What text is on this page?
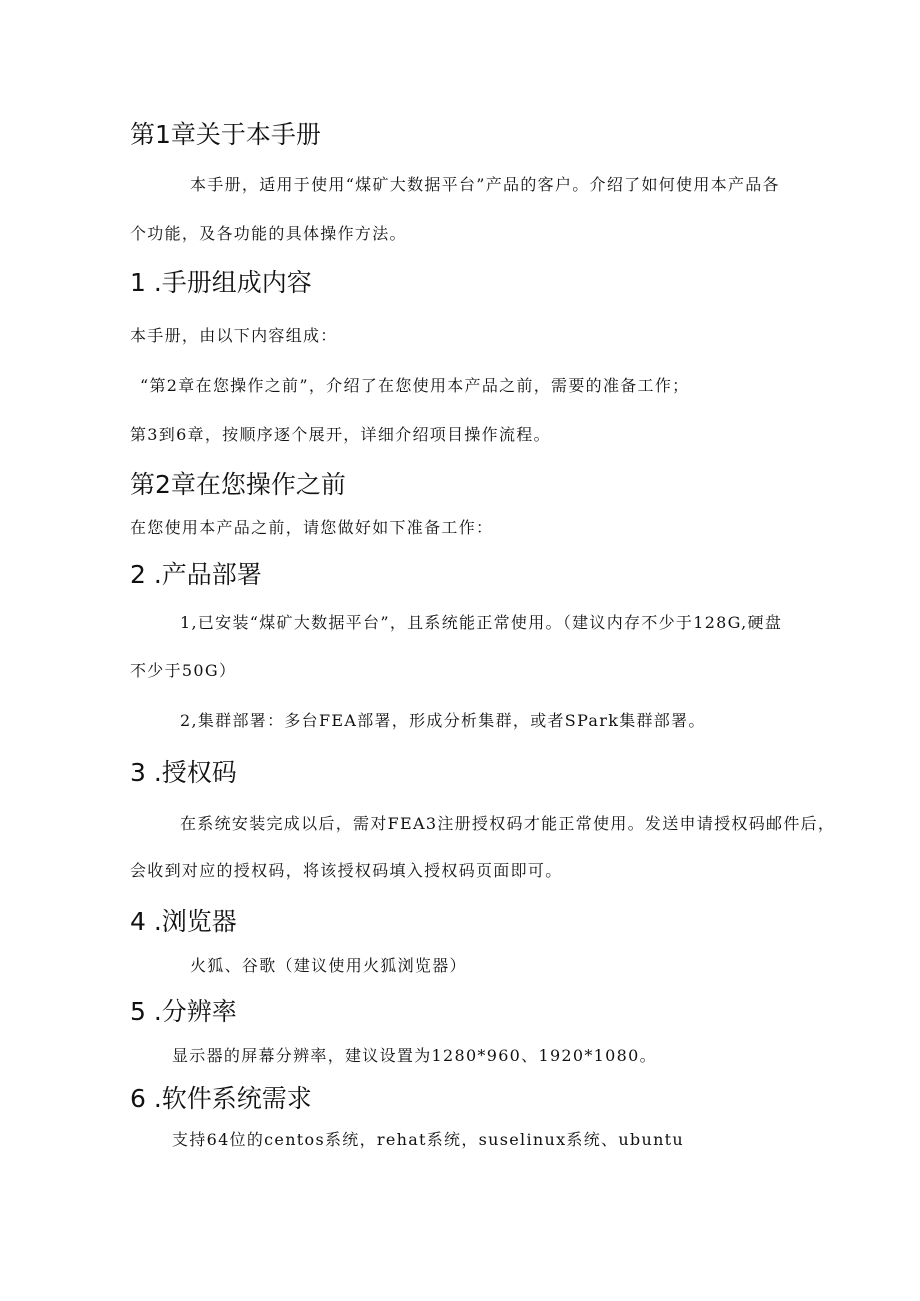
第1章关于本手册
本手册，适用于使用“煤矿大数据平台”产品的客户。介绍了如何使用本产品各
个功能，及各功能的具体操作方法。
1 .手册组成内容
本手册，由以下内容组成：
“第2章在您操作之前”，介绍了在您使用本产品之前，需要的准备工作；
第3到6章，按顺序逐个展开，详细介绍项目操作流程。
第2章在您操作之前
在您使用本产品之前，请您做好如下准备工作：
2 .产品部署
1,已安装“煤矿大数据平台”，且系统能正常使用。（建议内存不少于128G,硬盘
不少于50G）
2,集群部署：多台FEA部署，形成分析集群，或者SPark集群部署。
3 .授权码
在系统安装完成以后，需对FEA3注册授权码才能正常使用。发送申请授权码邮件后，
会收到对应的授权码，将该授权码填入授权码页面即可。
4 .浏览器
火狐、谷歌（建议使用火狐浏览器）
5 .分辨率
显示器的屏幕分辨率，建议设置为1280*960、1920*1080。
6 .软件系统需求
支持64位的centos系统，rehat系统，suselinux系统、ubuntu
